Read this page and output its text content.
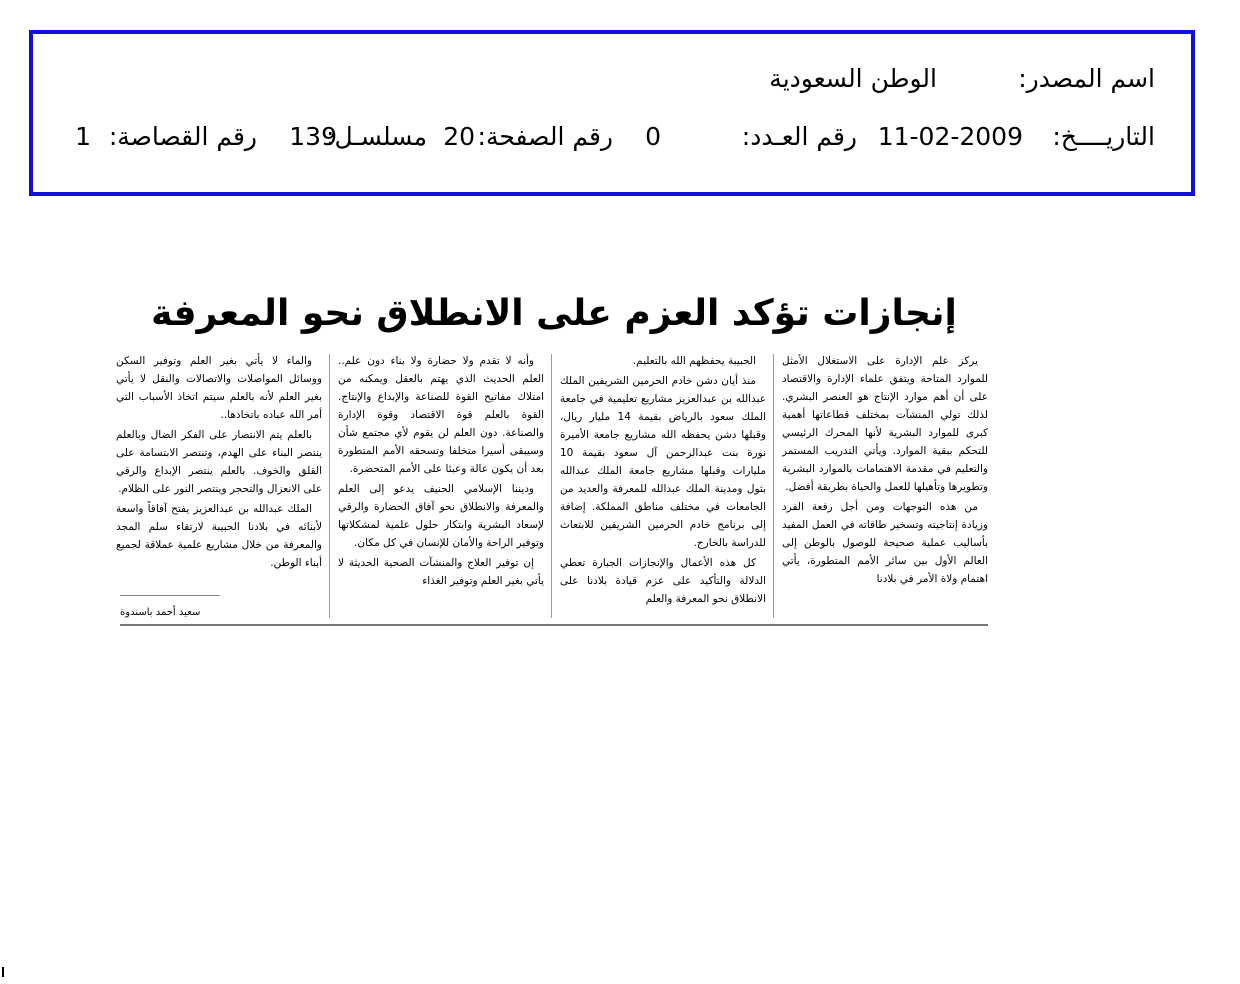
اسم المصدر:
الوطن السعودية
التاريــــخ:
11-02-2009
رقم العـدد:
0
رقم الصفحة:
20
مسلسـل:
139
رقم القصاصة:
1
إنجازات تؤكد العزم على الانطلاق نحو المعرفة

يركز علم الإدارة على الاستغلال الأمثل للموارد المتاحة ويتفق علماء الإدارة والاقتصاد على أن أهم موارد الإنتاج هو العنصر البشري. لذلك تولي المنشآت بمختلف قطاعاتها أهمية كبرى للموارد البشرية لأنها المحرك الرئيسي للتحكم ببقية الموارد. ويأتي التدريب المستمر والتعليم في مقدمة الاهتمامات بالموارد البشرية وتطويرها وتأهيلها للعمل والحياة بطريقة أفضل.

من هذه التوجهات ومن أجل رفعة الفرد وزيادة إنتاجيته وتسخير طاقاته في العمل المفيد بأساليب عملية صحيحة للوصول بالوطن إلى العالم الأول بين سائر الأمم المتطورة، يأتي اهتمام ولاة الأمر في بلادنا

الحبيبة يحفظهم الله بالتعليم.

منذ أيان دشن خادم الحرمين الشريفين الملك عبدالله بن عبدالعزيز مشاريع تعليمية في جامعة الملك سعود بالرياض بقيمة 14 مليار ريال، وقبلها دشن يحفظه الله مشاريع جامعة الأميرة نورة بنت عبدالرحمن آل سعود بقيمة 10 مليارات وقبلها مشاريع جامعة الملك عبدالله بثول ومدينة الملك عبدالله للمعرفة والعديد من الجامعات في مختلف مناطق المملكة. إضافة إلى برنامج خادم الحرمين الشريفين للابتعاث للدراسة بالخارج.

كل هذه الأعمال والإنجازات الجبارة تعطي الدلالة والتأكيد على عزم قيادة بلادنا على الانطلاق نحو المعرفة والعلم

وأنه لا تقدم ولا حضارة ولا بناء دون علم.. العلم الحديث الذي يهتم بالعقل ويمكنه من امتلاك مفاتيح القوة للصناعة والإبداع والإنتاج. القوة بالعلم قوة الاقتصاد وقوة الإدارة والصناعة. دون العلم لن يقوم لأي مجتمع شأن وسيبقى أسيرا متخلفا وتسحقه الأمم المتطورة بعد أن يكون عالة وعبئا على الأمم المتحضرة.

وديننا الإسلامي الحنيف يدعو إلى العلم والمعرفة والانطلاق نحو آفاق الحضارة والرقي لإسعاد البشرية وابتكار حلول علمية لمشكلاتها وتوفير الراحة والأمان للإنسان في كل مكان.

إن توفير العلاج والمنشآت الصحية الحديثة لا يأتي بغير العلم وتوفير الغذاء

والماء لا يأتي بغير العلم وتوفير السكن ووسائل المواصلات والاتصالات والنقل لا يأتي بغير العلم لأنه بالعلم سيتم اتخاذ الأسباب التي أمر الله عباده باتخاذها..

بالعلم يتم الانتصار على الفكر الضال وبالعلم ينتصر البناء على الهدم، وتنتصر الابتسامة على القلق والخوف. بالعلم ينتصر الإبداع والرقي على الانعزال والتحجر وينتصر النور على الظلام.

الملك عبدالله بن عبدالعزيز يفتح آفاقاً واسعة لأبنائه في بلادنا الحبيبة لارتقاء سلم المجد والمعرفة من خلال مشاريع علمية عملاقة لجميع أبناء الوطن.

سعيد أحمد باسندوة
